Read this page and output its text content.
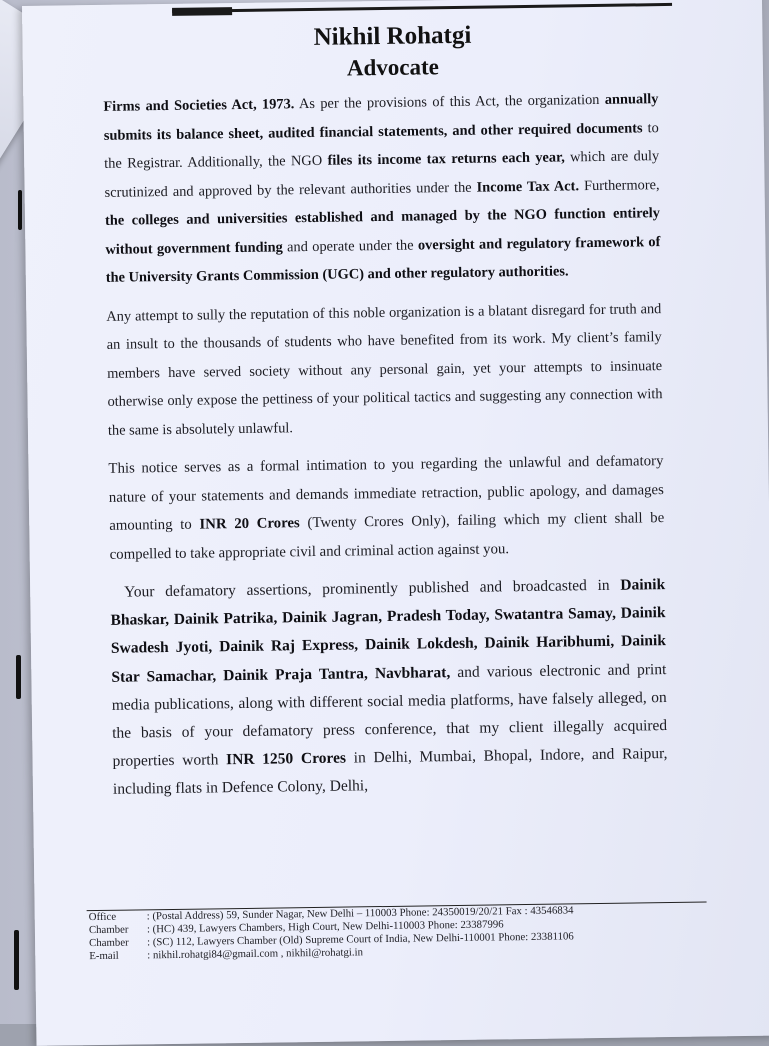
Nikhil Rohatgi
Advocate

Firms and Societies Act, 1973. As per the provisions of this Act, the organization annually submits its balance sheet, audited financial statements, and other required documents to the Registrar. Additionally, the NGO files its income tax returns each year, which are duly scrutinized and approved by the relevant authorities under the Income Tax Act. Furthermore, the colleges and universities established and managed by the NGO function entirely without government funding and operate under the oversight and regulatory framework of the University Grants Commission (UGC) and other regulatory authorities.

Any attempt to sully the reputation of this noble organization is a blatant disregard for truth and an insult to the thousands of students who have benefited from its work. My client’s family members have served society without any personal gain, yet your attempts to insinuate otherwise only expose the pettiness of your political tactics and suggesting any connection with the same is absolutely unlawful.

This notice serves as a formal intimation to you regarding the unlawful and defamatory nature of your statements and demands immediate retraction, public apology, and damages amounting to INR 20 Crores (Twenty Crores Only), failing which my client shall be compelled to take appropriate civil and criminal action against you.

Your defamatory assertions, prominently published and broadcasted in Dainik Bhaskar, Dainik Patrika, Dainik Jagran, Pradesh Today, Swatantra Samay, Dainik Swadesh Jyoti, Dainik Raj Express, Dainik Lokdesh, Dainik Haribhumi, Dainik Star Samachar, Dainik Praja Tantra, Navbharat, and various electronic and print media publications, along with different social media platforms, have falsely alleged, on the basis of your defamatory press conference, that my client illegally acquired properties worth INR 1250 Crores in Delhi, Mumbai, Bhopal, Indore, and Raipur, including flats in Defence Colony, Delhi,

Office	: (Postal Address) 59, Sunder Nagar, New Delhi – 110003 Phone: 24350019/20/21 Fax : 43546834
Chamber	: (HC) 439, Lawyers Chambers, High Court, New Delhi-110003 Phone: 23387996
Chamber	: (SC) 112, Lawyers Chamber (Old) Supreme Court of India, New Delhi-110001 Phone: 23381106
E-mail	: nikhil.rohatgi84@gmail.com , nikhil@rohatgi.in
